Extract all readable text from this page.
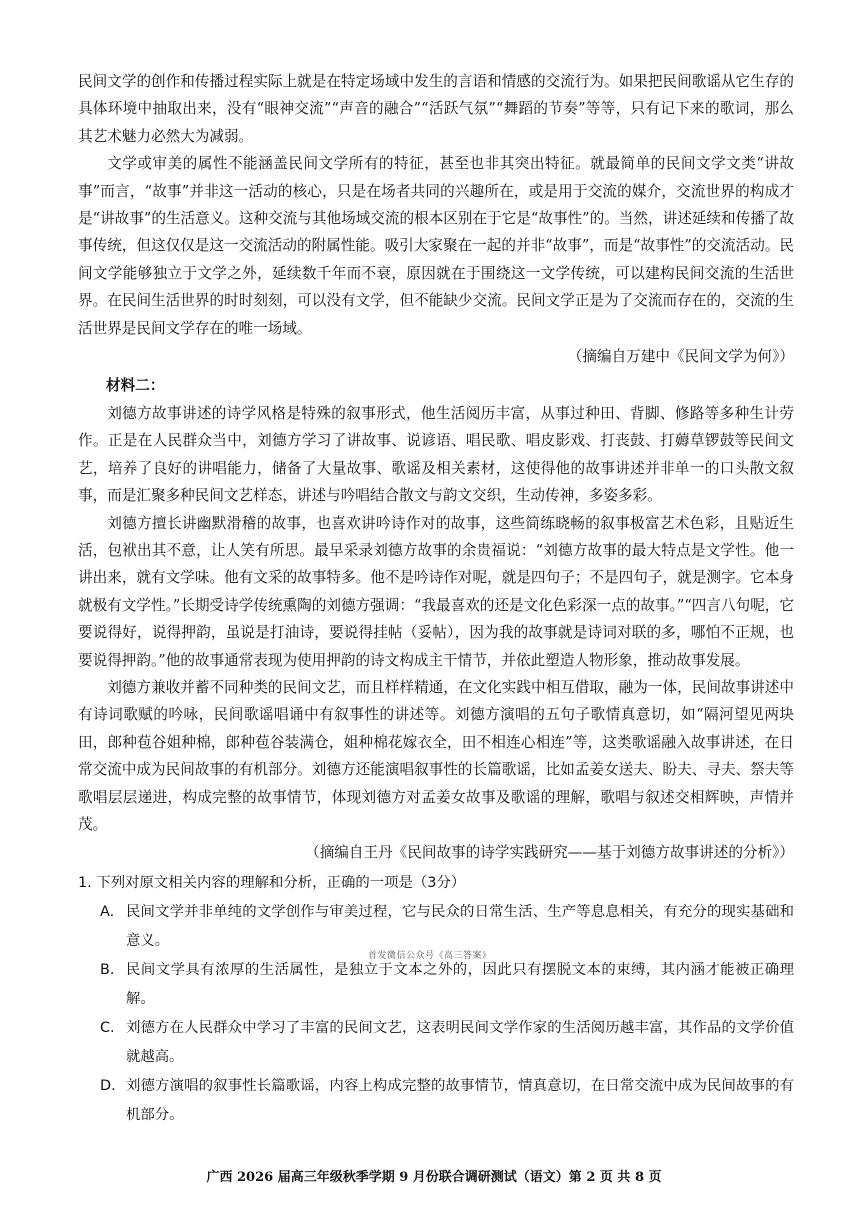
民间文学的创作和传播过程实际上就是在特定场域中发生的言语和情感的交流行为。如果把民间歌谣从它生存的具体环境中抽取出来，没有“眼神交流”“声音的融合”“活跃气氛”“舞蹈的节奏”等等，只有记下来的歌词，那么其艺术魅力必然大为减弱。

文学或审美的属性不能涵盖民间文学所有的特征，甚至也非其突出特征。就最简单的民间文学文类“讲故事”而言，“故事”并非这一活动的核心，只是在场者共同的兴趣所在，或是用于交流的媒介，交流世界的构成才是“讲故事”的生活意义。这种交流与其他场域交流的根本区别在于它是“故事性”的。当然，讲述延续和传播了故事传统，但这仅仅是这一交流活动的附属性能。吸引大家聚在一起的并非“故事”，而是“故事性”的交流活动。民间文学能够独立于文学之外，延续数千年而不衰，原因就在于围绕这一文学传统，可以建构民间交流的生活世界。在民间生活世界的时时刻刻，可以没有文学，但不能缺少交流。民间文学正是为了交流而存在的，交流的生活世界是民间文学存在的唯一场域。

（摘编自万建中《民间文学为何》）

材料二：

刘德方故事讲述的诗学风格是特殊的叙事形式，他生活阅历丰富，从事过种田、背脚、修路等多种生计劳作。正是在人民群众当中，刘德方学习了讲故事、说谚语、唱民歌、唱皮影戏、打丧鼓、打薅草锣鼓等民间文艺，培养了良好的讲唱能力，储备了大量故事、歌谣及相关素材，这使得他的故事讲述并非单一的口头散文叙事，而是汇聚多种民间文艺样态，讲述与吟唱结合散文与韵文交织，生动传神，多姿多彩。

刘德方擅长讲幽默滑稽的故事，也喜欢讲吟诗作对的故事，这些简练晓畅的叙事极富艺术色彩，且贴近生活，包袱出其不意，让人笑有所思。最早采录刘德方故事的余贵福说：“刘德方故事的最大特点是文学性。他一讲出来，就有文学味。他有文采的故事特多。他不是吟诗作对呢，就是四句子；不是四句子，就是测字。它本身就极有文学性。”长期受诗学传统熏陶的刘德方强调：“我最喜欢的还是文化色彩深一点的故事。”“四言八句呢，它要说得好，说得押韵，虽说是打油诗，要说得挂帖（妥帖），因为我的故事就是诗词对联的多，哪怕不正规，也要说得押韵。”他的故事通常表现为使用押韵的诗文构成主干情节，并依此塑造人物形象，推动故事发展。

刘德方兼收并蓄不同种类的民间文艺，而且样样精通，在文化实践中相互借取，融为一体，民间故事讲述中有诗词歌赋的吟咏，民间歌谣唱诵中有叙事性的讲述等。刘德方演唱的五句子歌情真意切，如“隔河望见两块田，郎种苞谷姐种棉，郎种苞谷装满仓，姐种棉花嫁衣全，田不相连心相连”等，这类歌谣融入故事讲述，在日常交流中成为民间故事的有机部分。刘德方还能演唱叙事性的长篇歌谣，比如孟姜女送夫、盼夫、寻夫、祭夫等歌唱层层递进，构成完整的故事情节，体现刘德方对孟姜女故事及歌谣的理解，歌唱与叙述交相辉映，声情并茂。

（摘编自王丹《民间故事的诗学实践研究——基于刘德方故事讲述的分析》）

1. 下列对原文相关内容的理解和分析，正确的一项是（3分）

A. 民间文学并非单纯的文学创作与审美过程，它与民众的日常生活、生产等息息相关，有充分的现实基础和意义。
B. 民间文学具有浓厚的生活属性，是独立于文本之外的，因此只有摆脱文本的束缚，其内涵才能被正确理解。
C. 刘德方在人民群众中学习了丰富的民间文艺，这表明民间文学作家的生活阅历越丰富，其作品的文学价值就越高。
D. 刘德方演唱的叙事性长篇歌谣，内容上构成完整的故事情节，情真意切，在日常交流中成为民间故事的有机部分。
首发微信公众号《高三答案》
广西 2026 届高三年级秋季学期 9 月份联合调研测试（语文）第 2 页 共 8 页
